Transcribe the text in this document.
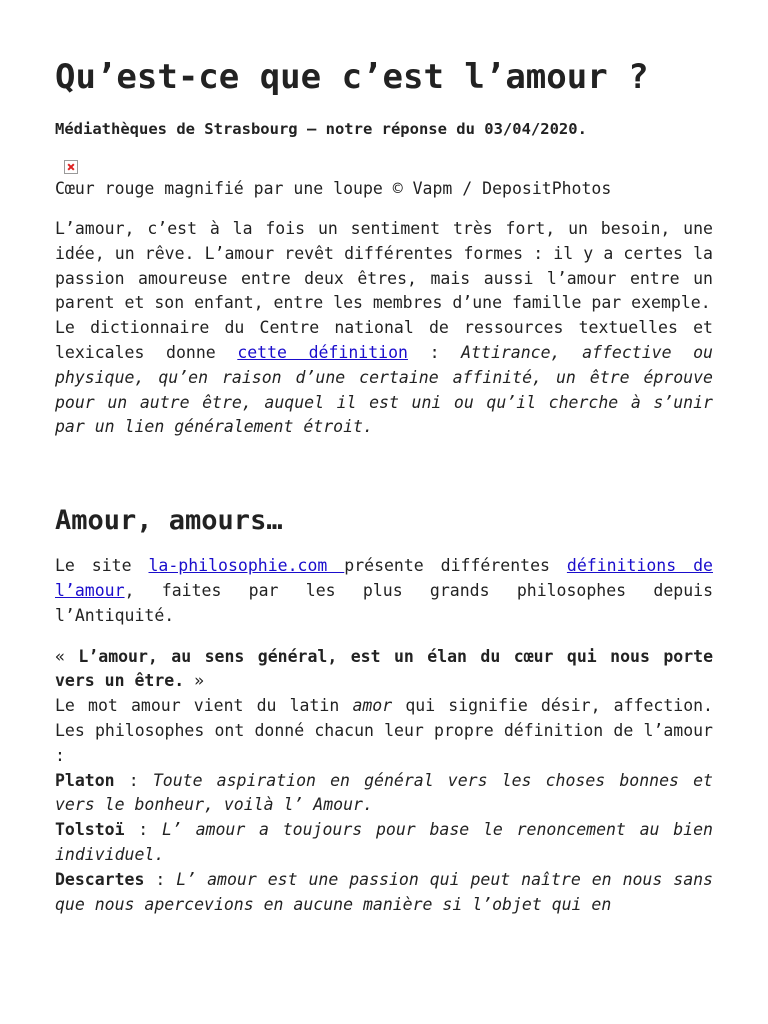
Qu’est-ce que c’est l’amour ?
Médiathèques de Strasbourg – notre réponse du 03/04/2020.
Cœur rouge magnifié par une loupe © Vapm / DepositPhotos

L’amour, c’est à la fois un sentiment très fort, un besoin, une idée, un rêve. L’amour revêt différentes formes : il y a certes la passion amoureuse entre deux êtres, mais aussi l’amour entre un parent et son enfant, entre les membres d’une famille par exemple.

Le dictionnaire du Centre national de ressources textuelles et lexicales donne cette définition : Attirance, affective ou physique, qu’en raison d’une certaine affinité, un être éprouve pour un autre être, auquel il est uni ou qu’il cherche à s’unir par un lien généralement étroit.

Amour, amours…

Le site la-philosophie.com présente différentes définitions de l’amour, faites par les plus grands philosophes depuis l’Antiquité.

« L’amour, au sens général, est un élan du cœur qui nous porte vers un être. »

Le mot amour vient du latin amor qui signifie désir, affection. Les philosophes ont donné chacun leur propre définition de l’amour :

Platon : Toute aspiration en général vers les choses bonnes et vers le bonheur, voilà l’ Amour.

Tolstoï : L’ amour a toujours pour base le renoncement au bien individuel.

Descartes : L’ amour est une passion qui peut naître en nous sans que nous apercevions en aucune manière si l’objet qui en
